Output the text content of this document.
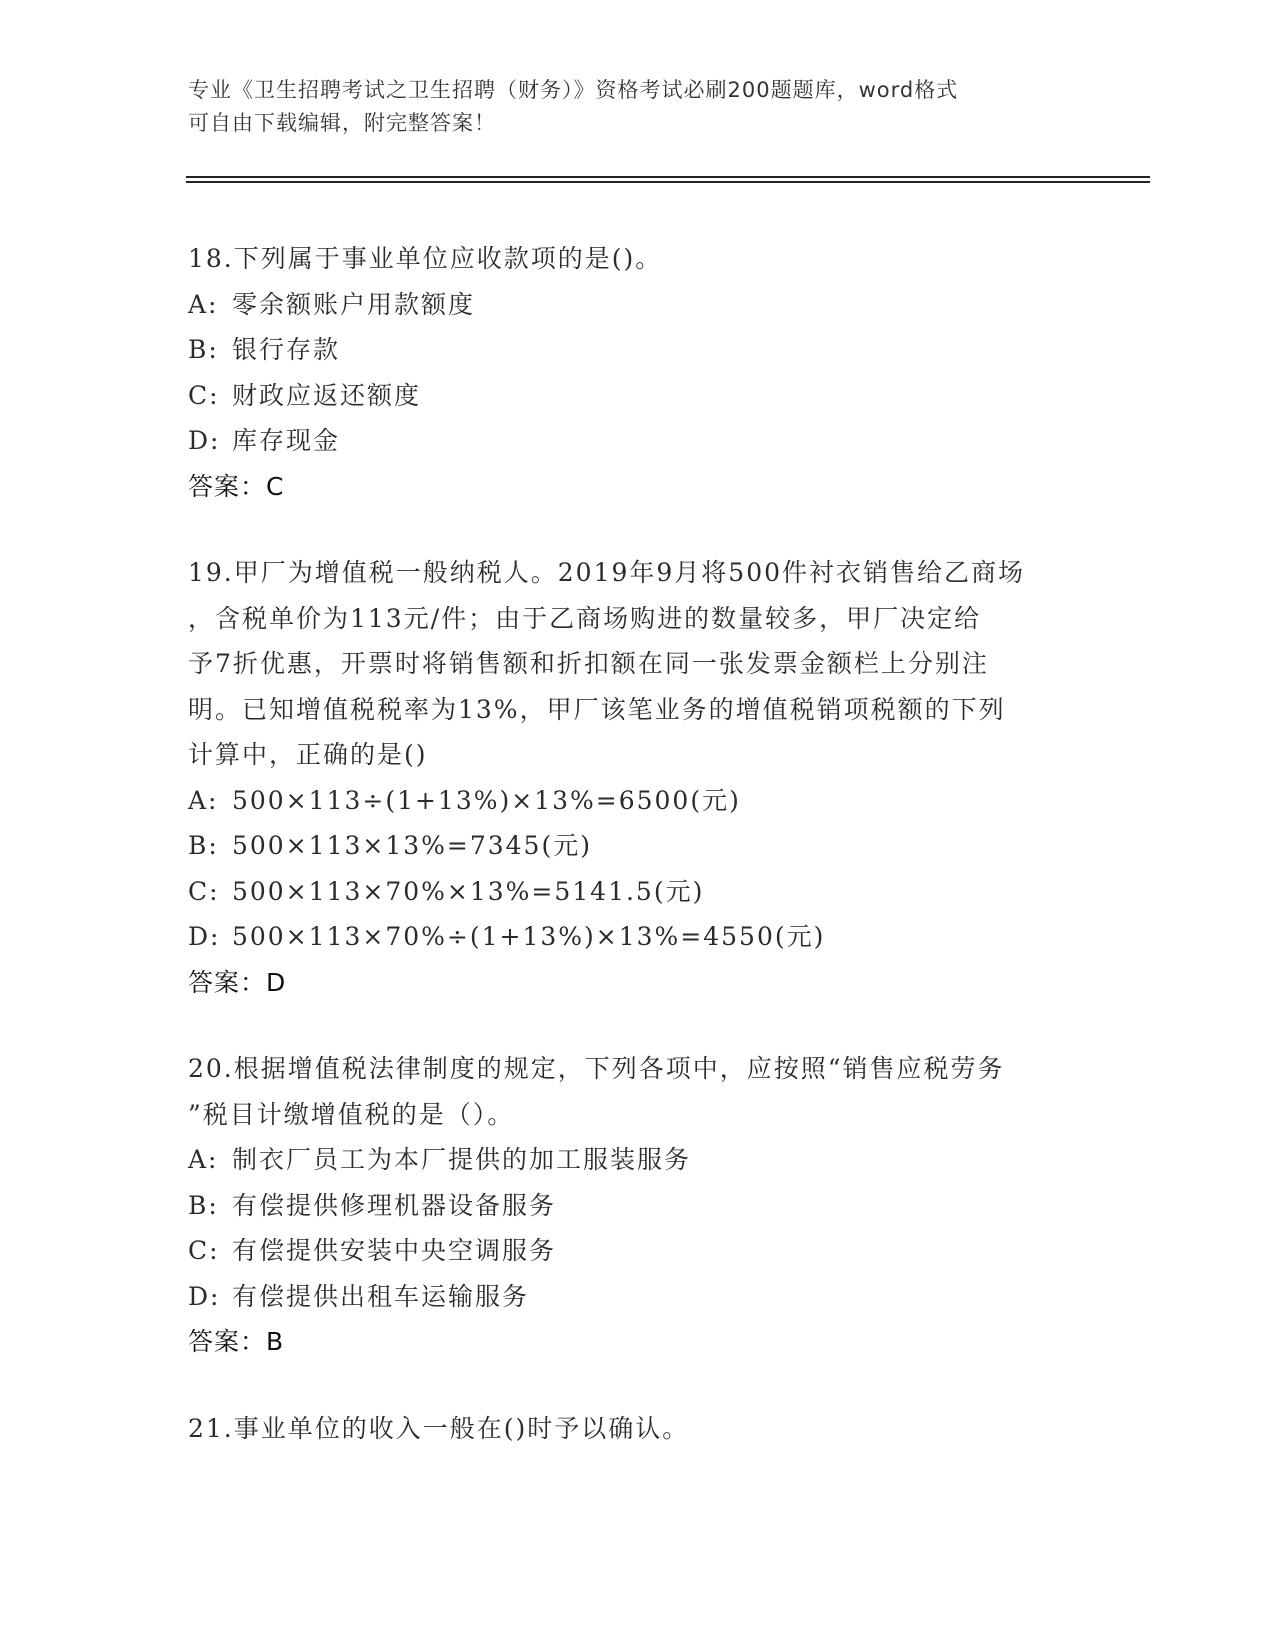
专业《卫生招聘考试之卫生招聘（财务）》资格考试必刷200题题库，word格式
可自由下载编辑，附完整答案！

18.下列属于事业单位应收款项的是()。

A: 零余额账户用款额度

B: 银行存款

C: 财政应返还额度

D: 库存现金

答案：C

19.甲厂为增值税一般纳税人。2019年9月将500件衬衣销售给乙商场

，含税单价为113元/件；由于乙商场购进的数量较多，甲厂决定给

予7折优惠，开票时将销售额和折扣额在同一张发票金额栏上分别注

明。已知增值税税率为13%，甲厂该笔业务的增值税销项税额的下列

计算中，正确的是()

A: 500×113÷(1+13%)×13%=6500(元)

B: 500×113×13%=7345(元)

C: 500×113×70%×13%=5141.5(元)

D: 500×113×70%÷(1+13%)×13%=4550(元)

答案：D

20.根据增值税法律制度的规定，下列各项中，应按照“销售应税劳务

”税目计缴增值税的是（）。

A: 制衣厂员工为本厂提供的加工服装服务

B: 有偿提供修理机器设备服务

C: 有偿提供安装中央空调服务

D: 有偿提供出租车运输服务

答案：B

21.事业单位的收入一般在()时予以确认。
